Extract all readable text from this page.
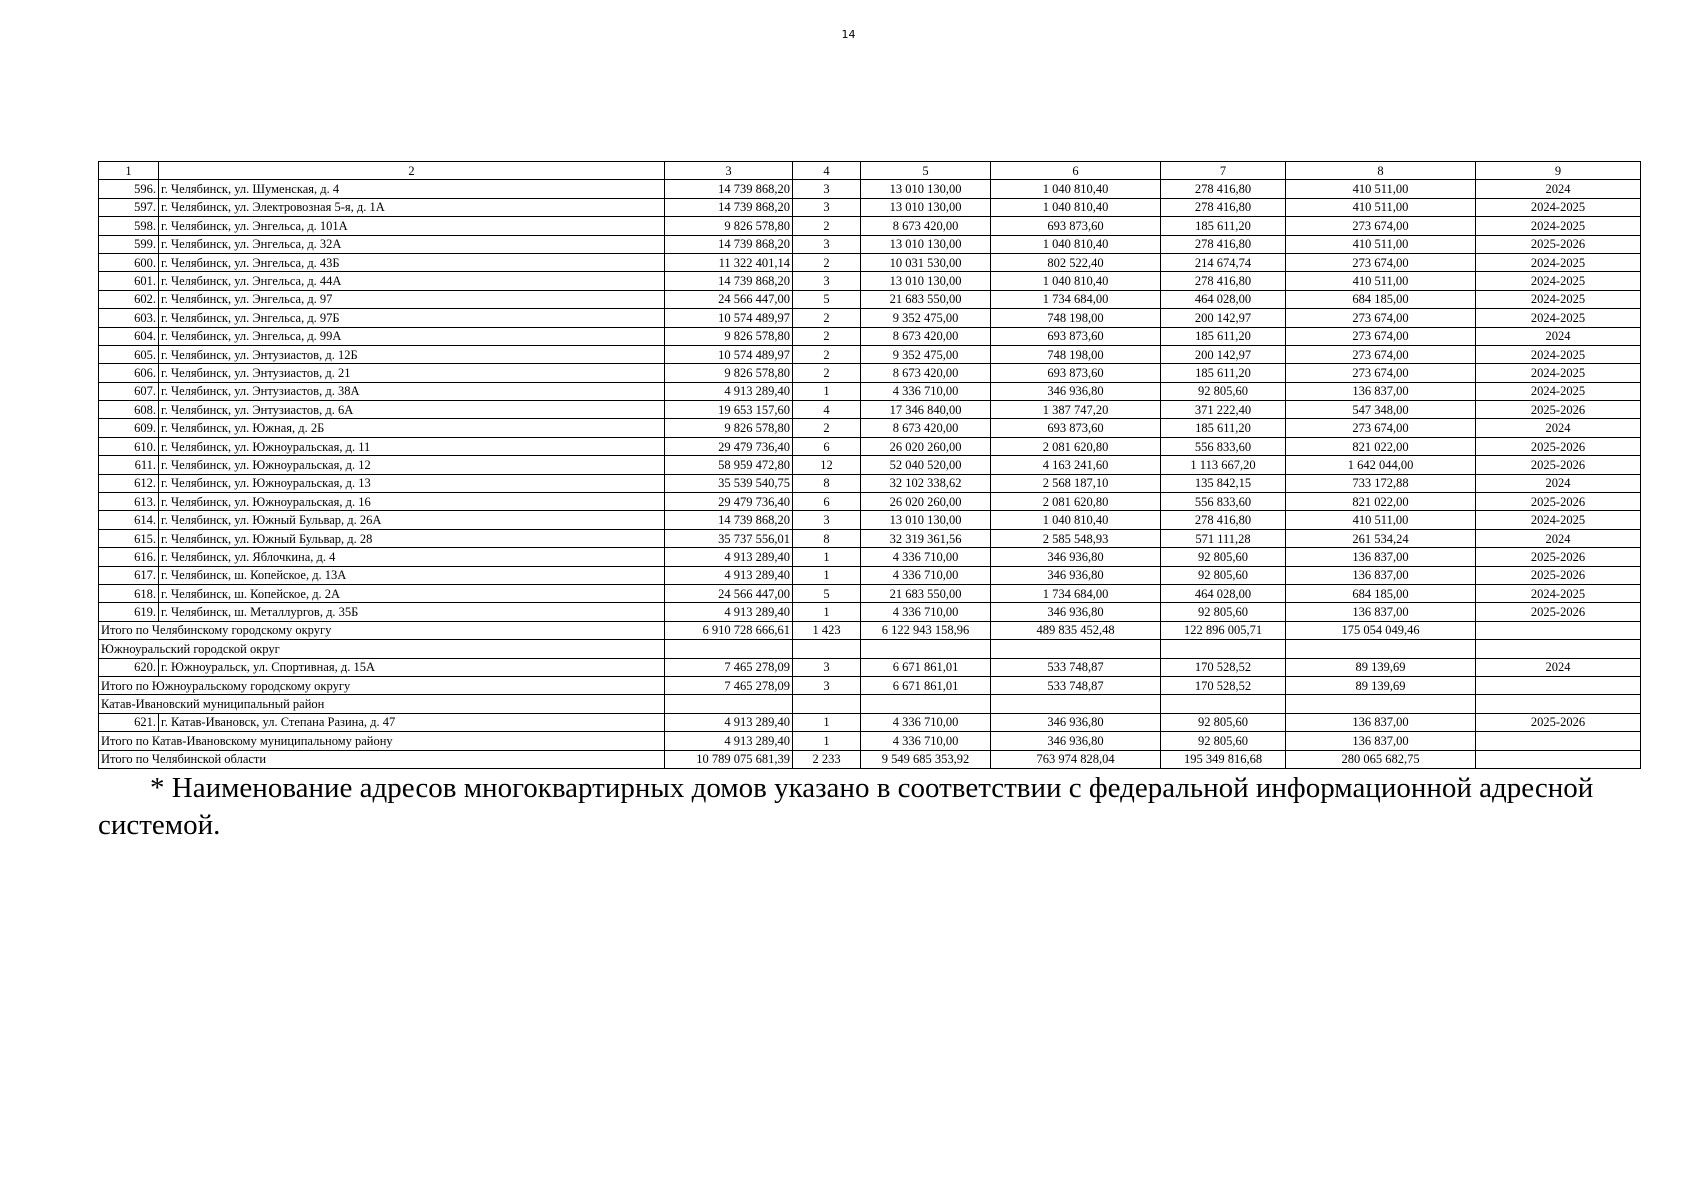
14
1	2	3	4	5	6	7	8	9
596.	г. Челябинск, ул. Шуменская, д. 4	14 739 868,20	3	13 010 130,00	1 040 810,40	278 416,80	410 511,00	2024
597.	г. Челябинск, ул. Электровозная 5-я, д. 1А	14 739 868,20	3	13 010 130,00	1 040 810,40	278 416,80	410 511,00	2024-2025
598.	г. Челябинск, ул. Энгельса, д. 101А	9 826 578,80	2	8 673 420,00	693 873,60	185 611,20	273 674,00	2024-2025
599.	г. Челябинск, ул. Энгельса, д. 32А	14 739 868,20	3	13 010 130,00	1 040 810,40	278 416,80	410 511,00	2025-2026
600.	г. Челябинск, ул. Энгельса, д. 43Б	11 322 401,14	2	10 031 530,00	802 522,40	214 674,74	273 674,00	2024-2025
601.	г. Челябинск, ул. Энгельса, д. 44А	14 739 868,20	3	13 010 130,00	1 040 810,40	278 416,80	410 511,00	2024-2025
602.	г. Челябинск, ул. Энгельса, д. 97	24 566 447,00	5	21 683 550,00	1 734 684,00	464 028,00	684 185,00	2024-2025
603.	г. Челябинск, ул. Энгельса, д. 97Б	10 574 489,97	2	9 352 475,00	748 198,00	200 142,97	273 674,00	2024-2025
604.	г. Челябинск, ул. Энгельса, д. 99А	9 826 578,80	2	8 673 420,00	693 873,60	185 611,20	273 674,00	2024
605.	г. Челябинск, ул. Энтузиастов, д. 12Б	10 574 489,97	2	9 352 475,00	748 198,00	200 142,97	273 674,00	2024-2025
606.	г. Челябинск, ул. Энтузиастов, д. 21	9 826 578,80	2	8 673 420,00	693 873,60	185 611,20	273 674,00	2024-2025
607.	г. Челябинск, ул. Энтузиастов, д. 38А	4 913 289,40	1	4 336 710,00	346 936,80	92 805,60	136 837,00	2024-2025
608.	г. Челябинск, ул. Энтузиастов, д. 6А	19 653 157,60	4	17 346 840,00	1 387 747,20	371 222,40	547 348,00	2025-2026
609.	г. Челябинск, ул. Южная, д. 2Б	9 826 578,80	2	8 673 420,00	693 873,60	185 611,20	273 674,00	2024
610.	г. Челябинск, ул. Южноуральская, д. 11	29 479 736,40	6	26 020 260,00	2 081 620,80	556 833,60	821 022,00	2025-2026
611.	г. Челябинск, ул. Южноуральская, д. 12	58 959 472,80	12	52 040 520,00	4 163 241,60	1 113 667,20	1 642 044,00	2025-2026
612.	г. Челябинск, ул. Южноуральская, д. 13	35 539 540,75	8	32 102 338,62	2 568 187,10	135 842,15	733 172,88	2024
613.	г. Челябинск, ул. Южноуральская, д. 16	29 479 736,40	6	26 020 260,00	2 081 620,80	556 833,60	821 022,00	2025-2026
614.	г. Челябинск, ул. Южный Бульвар, д. 26А	14 739 868,20	3	13 010 130,00	1 040 810,40	278 416,80	410 511,00	2024-2025
615.	г. Челябинск, ул. Южный Бульвар, д. 28	35 737 556,01	8	32 319 361,56	2 585 548,93	571 111,28	261 534,24	2024
616.	г. Челябинск, ул. Яблочкина, д. 4	4 913 289,40	1	4 336 710,00	346 936,80	92 805,60	136 837,00	2025-2026
617.	г. Челябинск, ш. Копейское, д. 13А	4 913 289,40	1	4 336 710,00	346 936,80	92 805,60	136 837,00	2025-2026
618.	г. Челябинск, ш. Копейское, д. 2А	24 566 447,00	5	21 683 550,00	1 734 684,00	464 028,00	684 185,00	2024-2025
619.	г. Челябинск, ш. Металлургов, д. 35Б	4 913 289,40	1	4 336 710,00	346 936,80	92 805,60	136 837,00	2025-2026
Итого по Челябинскому городскому округу		6 910 728 666,61	1 423	6 122 943 158,96	489 835 452,48	122 896 005,71	175 054 049,46	
Южноуральский городской округ								
620.	г. Южноуральск, ул. Спортивная, д. 15А	7 465 278,09	3	6 671 861,01	533 748,87	170 528,52	89 139,69	2024
Итого по Южноуральскому городскому округу		7 465 278,09	3	6 671 861,01	533 748,87	170 528,52	89 139,69	
Катав-Ивановский муниципальный район								
621.	г. Катав-Ивановск, ул. Степана Разина, д. 47	4 913 289,40	1	4 336 710,00	346 936,80	92 805,60	136 837,00	2025-2026
Итого по Катав-Ивановскому муниципальному району		4 913 289,40	1	4 336 710,00	346 936,80	92 805,60	136 837,00	
Итого по Челябинской области		10 789 075 681,39	2 233	9 549 685 353,92	763 974 828,04	195 349 816,68	280 065 682,75	
* Наименование адресов многоквартирных домов указано в соответствии с федеральной информационной адресной системой.
